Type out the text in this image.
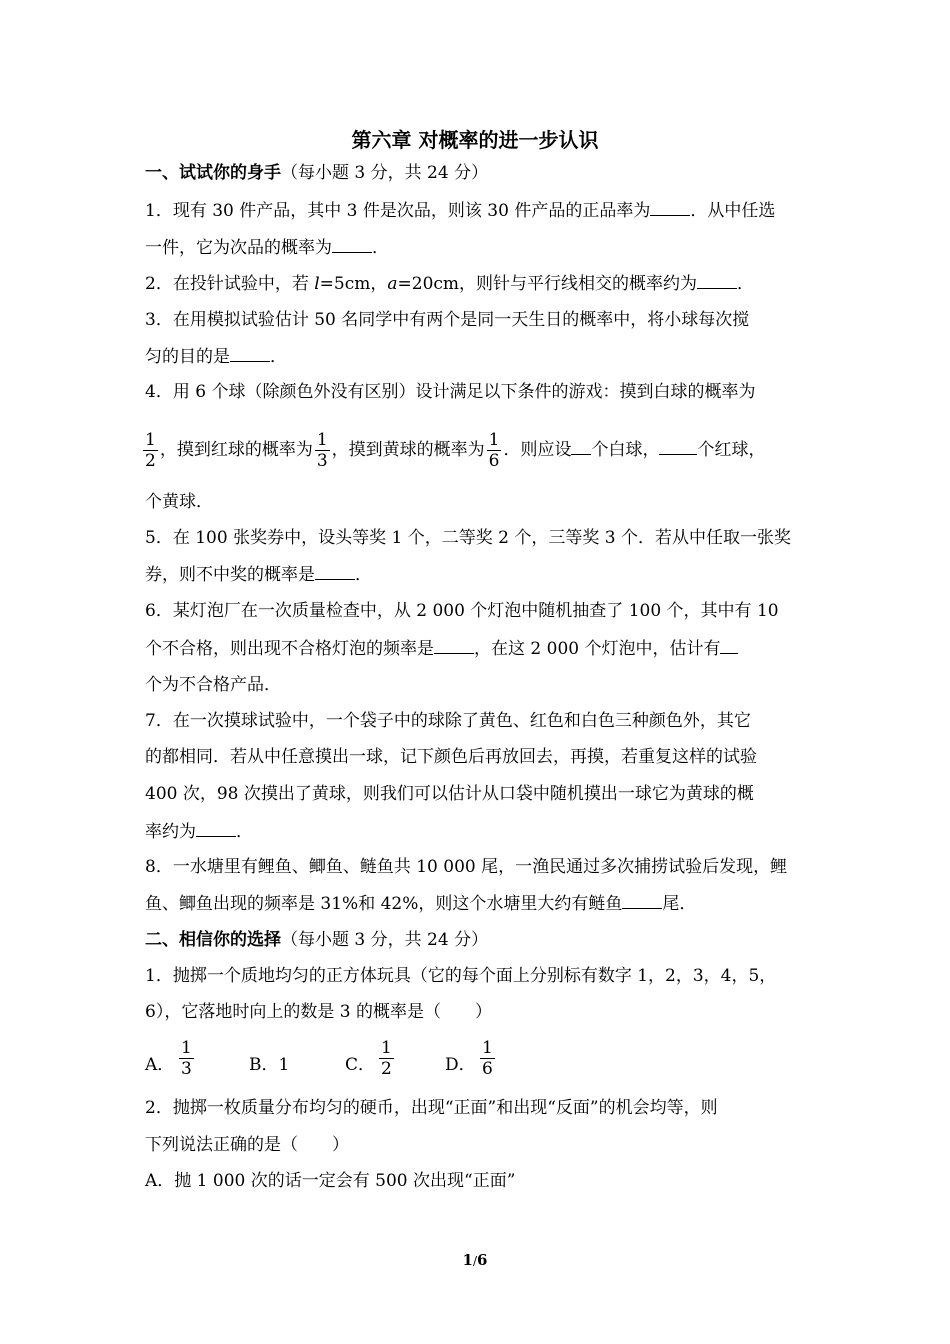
第六章 对概率的进一步认识
一、试试你的身手（每小题 3 分，共 24 分）
1．现有 30 件产品，其中 3 件是次品，则该 30 件产品的正品率为 ．从中任选
一件，它为次品的概率为 ．
2．在投针试验中，若 l=5cm，a=20cm，则针与平行线相交的概率约为 ．
3．在用模拟试验估计 50 名同学中有两个是同一天生日的概率中，将小球每次搅
匀的目的是 ．
4．用 6 个球（除颜色外没有区别）设计满足以下条件的游戏：摸到白球的概率为
$\frac{1}{2}$ ，摸到红球的概率为 $\frac{1}{3}$ ，摸到黄球的概率为 $\frac{1}{6}$ ．则应设 个白球， 个红球，
个黄球．
5．在 100 张奖券中，设头等奖 1 个，二等奖 2 个，三等奖 3 个．若从中任取一张奖
券，则不中奖的概率是 ．
6．某灯泡厂在一次质量检查中，从 2 000 个灯泡中随机抽查了 100 个，其中有 10
个不合格，则出现不合格灯泡的频率是 ，在这 2 000 个灯泡中，估计有
个为不合格产品．
7．在一次摸球试验中，一个袋子中的球除了黄色、红色和白色三种颜色外，其它
的都相同．若从中任意摸出一球，记下颜色后再放回去，再摸，若重复这样的试验
400 次，98 次摸出了黄球，则我们可以估计从口袋中随机摸出一球它为黄球的概
率约为 ．
8．一水塘里有鲤鱼、鲫鱼、鲢鱼共 10 000 尾，一渔民通过多次捕捞试验后发现，鲤
鱼、鲫鱼出现的频率是 31%和 42%，则这个水塘里大约有鲢鱼 尾．
二、相信你的选择（每小题 3 分，共 24 分）
1．抛掷一个质地均匀的正方体玩具（它的每个面上分别标有数字 1，2，3，4，5，
6），它落地时向上的数是 3 的概率是（　　）
A． $\frac{1}{3}$	B．1	C． $\frac{1}{2}$	D． $\frac{1}{6}$
2．抛掷一枚质量分布均匀的硬币，出现“正面”和出现“反面”的机会均等，则
下列说法正确的是（　　）
A．抛 1 000 次的话一定会有 500 次出现“正面”
1/6
